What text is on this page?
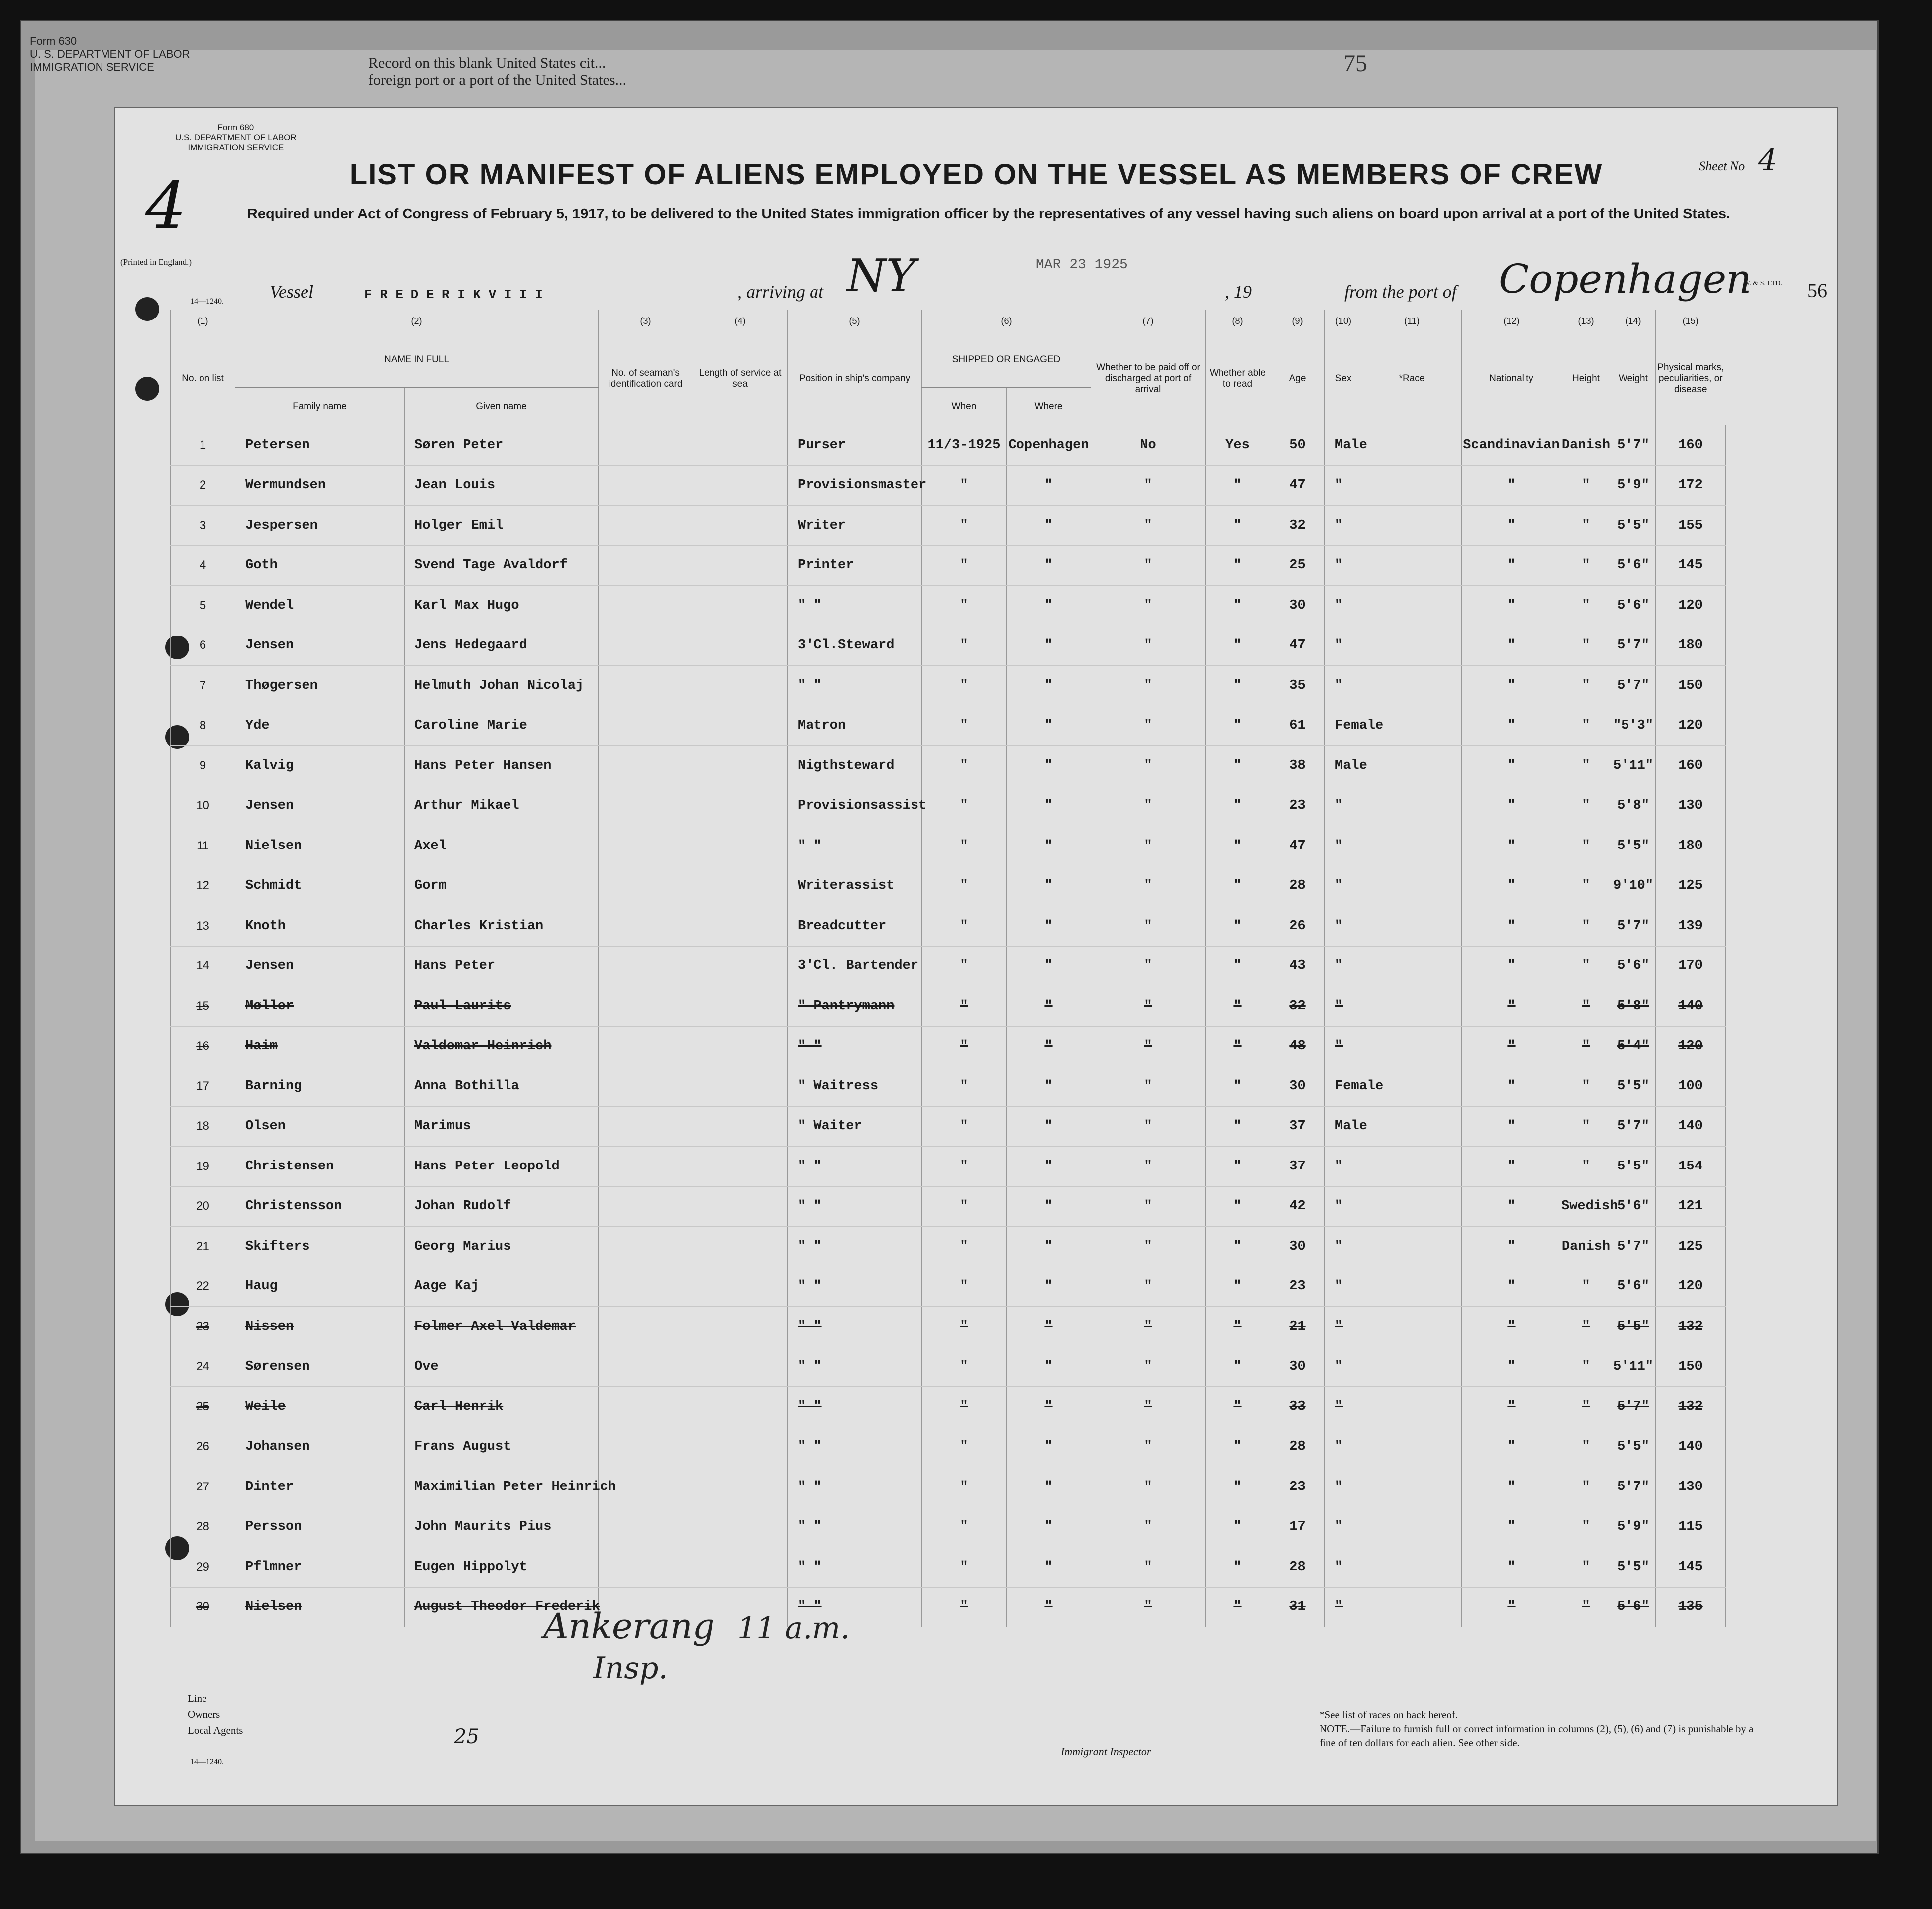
Form 630
U. S. DEPARTMENT OF LABOR
IMMIGRATION SERVICE	Record on this blank United States cit...
foreign port or a port of the United States...
75
Form 680
U.S. DEPARTMENT OF LABOR
IMMIGRATION SERVICE
4
(Printed in England.)
Sheet No 4
LIST OR MANIFEST OF ALIENS EMPLOYED ON THE VESSEL AS MEMBERS OF CREW
Required under Act of Congress of February 5, 1917, to be delivered to the United States immigration officer by the representatives of any vessel having such aliens on board upon arrival at a port of the United States.
Vessel	F R E D E R I K V I I I	, arriving at NY	MAR 23 1925
, 19	from the port of Copenhagen	56
14—1240.
W. & S. LTD.
(1)	(2)		(3)	(4)	(5)	(6)		(7)	(8)	(9)	(10)	(11)	(12)	(13)	(14)	(15)	
No. on list	NAME IN FULL		No. of seaman's identification card	Length of service at sea	Position in ship's company	SHIPPED OR ENGAGED		Whether to be paid off or discharged at port of arrival	Whether able to read	Age	Sex	*Race	Nationality	Height	Weight	Physical marks, peculiarities, or disease	
	Family name	Given name				When	Where										
1	Petersen	Søren Peter			Purser	11/3-1925	Copenhagen	No	Yes	50	Male		Scandinavian	Danish	5'7"	160	
2	Wermundsen	Jean Louis			Provisionsmaster	"	"	"	"	47	"		"	"	5'9"	172	
3	Jespersen	Holger Emil			Writer	"	"	"	"	32	"		"	"	5'5"	155	
4	Goth	Svend Tage Avaldorf			Printer	"	"	"	"	25	"		"	"	5'6"	145	
5	Wendel	Karl Max Hugo			" "	"	"	"	"	30	"		"	"	5'6"	120	
6	Jensen	Jens Hedegaard			3'Cl.Steward	"	"	"	"	47	"		"	"	5'7"	180	
7	Thøgersen	Helmuth Johan Nicolaj			" "	"	"	"	"	35	"		"	"	5'7"	150	
8	Yde	Caroline Marie			Matron	"	"	"	"	61	Female		"	"	"5'3"	120	
9	Kalvig	Hans Peter Hansen			Nigthsteward	"	"	"	"	38	Male		"	"	5'11"	160	
10	Jensen	Arthur Mikael			Provisionsassist	"	"	"	"	23	"		"	"	5'8"	130	
11	Nielsen	Axel			" "	"	"	"	"	47	"		"	"	5'5"	180	
12	Schmidt	Gorm			Writerassist	"	"	"	"	28	"		"	"	9'10"	125	
13	Knoth	Charles Kristian			Breadcutter	"	"	"	"	26	"		"	"	5'7"	139	
14	Jensen	Hans Peter			3'Cl. Bartender	"	"	"	"	43	"		"	"	5'6"	170	
15	Møller	Paul Laurits			" Pantrymann	"	"	"	"	32	"		"	"	5'8"	140	
16	Haim	Valdemar Heinrich			" "	"	"	"	"	48	"		"	"	5'4"	120	
17	Barning	Anna Bothilla			" Waitress	"	"	"	"	30	Female		"	"	5'5"	100	
18	Olsen	Marimus			" Waiter	"	"	"	"	37	Male		"	"	5'7"	140	
19	Christensen	Hans Peter Leopold			" "	"	"	"	"	37	"		"	"	5'5"	154	
20	Christensson	Johan Rudolf			" "	"	"	"	"	42	"		"	Swedish	5'6"	121	
21	Skifters	Georg Marius			" "	"	"	"	"	30	"		"	Danish	5'7"	125	
22	Haug	Aage Kaj			" "	"	"	"	"	23	"		"	"	5'6"	120	
23	Nissen	Folmer Axel Valdemar			" "	"	"	"	"	21	"		"	"	5'5"	132	
24	Sørensen	Ove			" "	"	"	"	"	30	"		"	"	5'11"	150	
25	Weile	Carl Henrik			" "	"	"	"	"	33	"		"	"	5'7"	132	
26	Johansen	Frans August			" "	"	"	"	"	28	"		"	"	5'5"	140	
27	Dinter	Maximilian Peter Heinrich			" "	"	"	"	"	23	"		"	"	5'7"	130	
28	Persson	John Maurits Pius			" "	"	"	"	"	17	"		"	"	5'9"	115	
29	Pflmner	Eugen Hippolyt			" "	"	"	"	"	28	"		"	"	5'5"	145	
30	Nielsen	August Theodor Frederik			" "	"	"	"	"	31	"		"	"	5'6"	135	
Ankerang
Insp.
11 a.m.
Line
Owners
Local Agents
14—1240.
25
Immigrant Inspector
*See list of races on back hereof.
NOTE.—Failure to furnish full or correct information in columns (2), (5), (6) and (7) is punishable by a fine of ten dollars for each alien. See other side.
